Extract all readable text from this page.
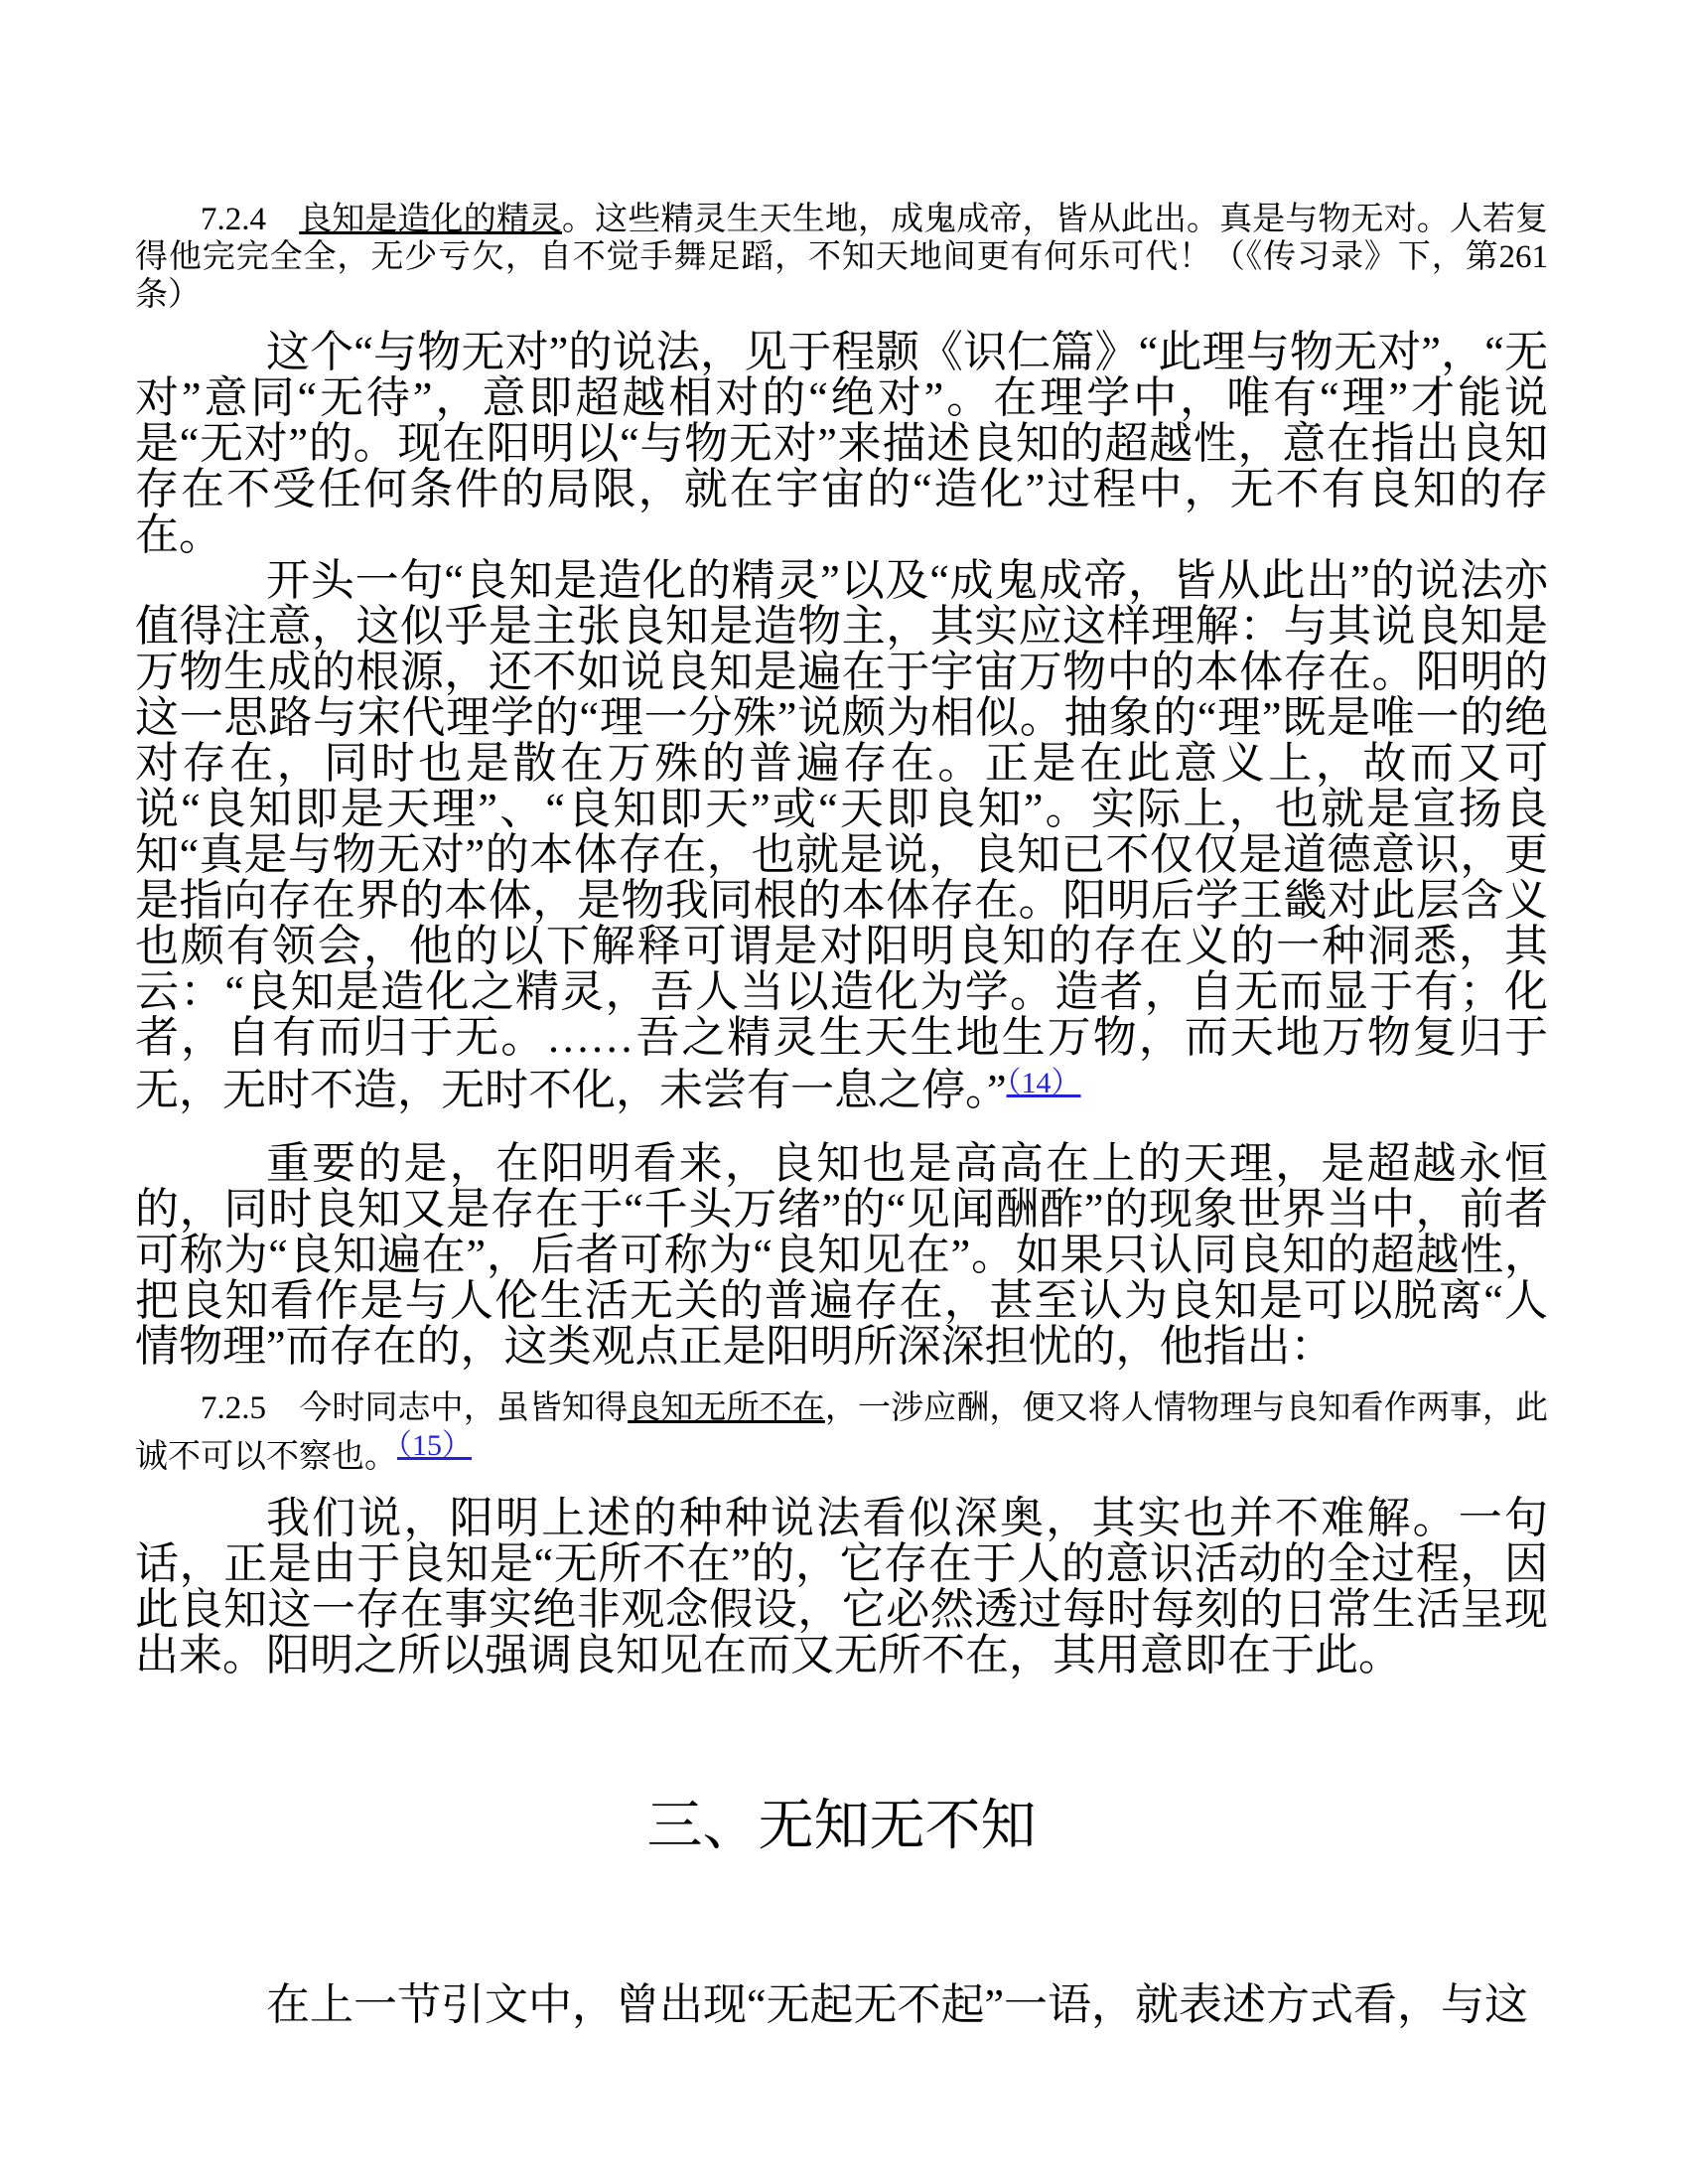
7.2.4　良知是造化的精灵。这些精灵生天生地，成鬼成帝，皆从此出。真是与物无对。人若复得他完完全全，无少亏欠，自不觉手舞足蹈，不知天地间更有何乐可代！（《传习录》下，第261条）

这个“与物无对”的说法，见于程颢《识仁篇》“此理与物无对”，“无对”意同“无待”，意即超越相对的“绝对”。在理学中，唯有“理”才能说是“无对”的。现在阳明以“与物无对”来描述良知的超越性，意在指出良知存在不受任何条件的局限，就在宇宙的“造化”过程中，无不有良知的存在。

开头一句“良知是造化的精灵”以及“成鬼成帝，皆从此出”的说法亦值得注意，这似乎是主张良知是造物主，其实应这样理解：与其说良知是万物生成的根源，还不如说良知是遍在于宇宙万物中的本体存在。阳明的这一思路与宋代理学的“理一分殊”说颇为相似。抽象的“理”既是唯一的绝对存在，同时也是散在万殊的普遍存在。正是在此意义上，故而又可说“良知即是天理”、“良知即天”或“天即良知”。实际上，也就是宣扬良知“真是与物无对”的本体存在，也就是说，良知已不仅仅是道德意识，更是指向存在界的本体，是物我同根的本体存在。阳明后学王畿对此层含义也颇有领会，他的以下解释可谓是对阳明良知的存在义的一种洞悉，其云：“良知是造化之精灵，吾人当以造化为学。造者，自无而显于有；化者，自有而归于无。……吾之精灵生天生地生万物，而天地万物复归于无，无时不造，无时不化，未尝有一息之停。”$^{(14)}$

重要的是，在阳明看来，良知也是高高在上的天理，是超越永恒的，同时良知又是存在于“千头万绪”的“见闻酬酢”的现象世界当中，前者可称为“良知遍在”，后者可称为“良知见在”。如果只认同良知的超越性，把良知看作是与人伦生活无关的普遍存在，甚至认为良知是可以脱离“人情物理”而存在的，这类观点正是阳明所深深担忧的，他指出：

7.2.5　今时同志中，虽皆知得良知无所不在，一涉应酬，便又将人情物理与良知看作两事，此诚不可以不察也。（15）

我们说，阳明上述的种种说法看似深奥，其实也并不难解。一句话，正是由于良知是“无所不在”的，它存在于人的意识活动的全过程，因此良知这一存在事实绝非观念假设，它必然透过每时每刻的日常生活呈现出来。阳明之所以强调良知见在而又无所不在，其用意即在于此。

三、无知无不知

在上一节引文中，曾出现“无起无不起”一语，就表述方式看，与这
